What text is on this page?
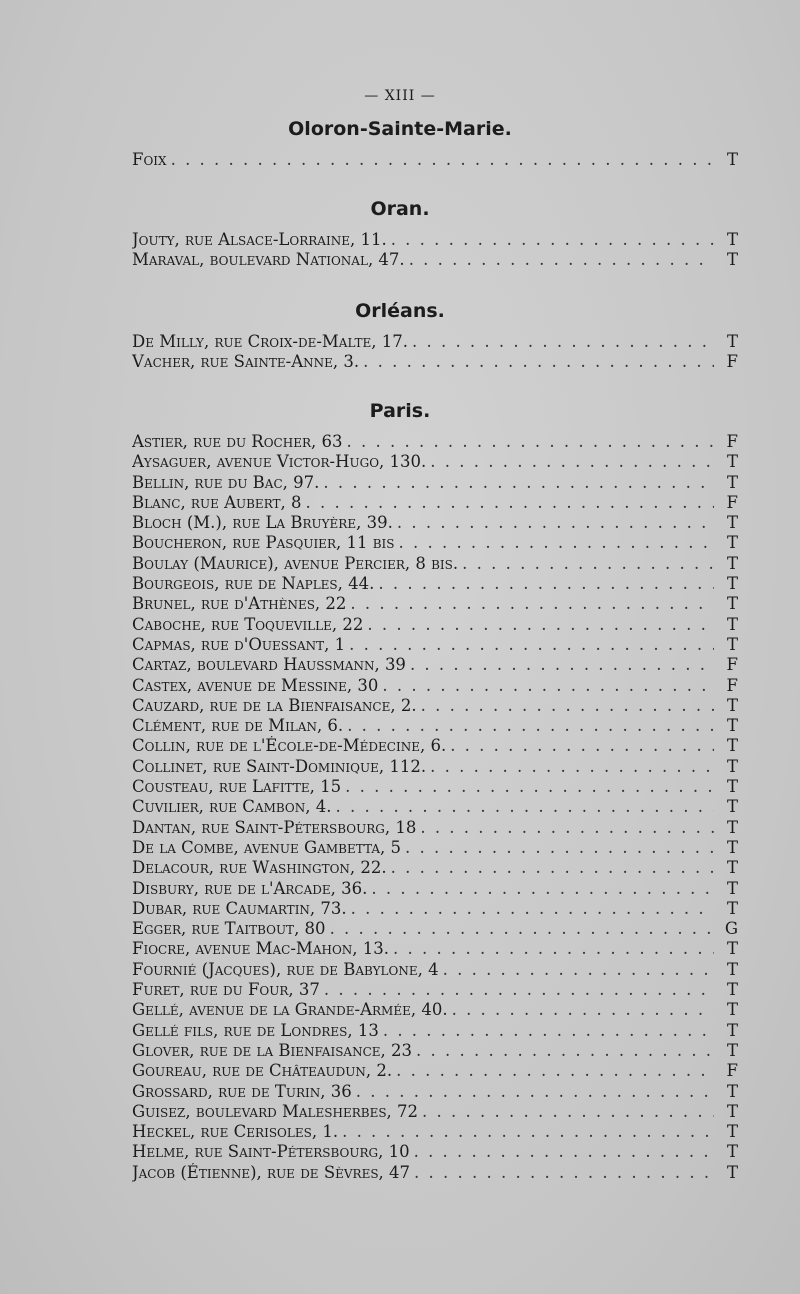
— XIII —
Oloron-Sainte-Marie.
Foix . . .	T
Oran.
Jouty, rue Alsace-Lorraine, 11. . . .	T
Maraval, boulevard National, 47. . . .	T
Orléans.
De Milly, rue Croix-de-Malte, 17. . . .	T
Vacher, rue Sainte-Anne, 3. . . .	F
Paris.
Astier, rue du Rocher, 63 . . .	F
Aysaguer, avenue Victor-Hugo, 130. . . .	T
Bellin, rue du Bac, 97. . . .	T
Blanc, rue Aubert, 8 . . .	F
Bloch (M.), rue La Bruyère, 39. . . .	T
Boucheron, rue Pasquier, 11 bis . . .	T
Boulay (Maurice), avenue Percier, 8 bis. . . .	T
Bourgeois, rue de Naples, 44. . . .	T
Brunel, rue d'Athènes, 22 . . .	T
Caboche, rue Toqueville, 22 . . .	T
Capmas, rue d'Ouessant, 1 . . .	T
Cartaz, boulevard Haussmann, 39 . . .	F
Castex, avenue de Messine, 30 . . .	F
Cauzard, rue de la Bienfaisance, 2. . . .	T
Clément, rue de Milan, 6. . . .	T
Collin, rue de l'École-de-Médecine, 6. . . .	T
Collinet, rue Saint-Dominique, 112. . . .	T
Cousteau, rue Lafitte, 15 . . .	T
Cuvilier, rue Cambon, 4. . . .	T
Dantan, rue Saint-Pétersbourg, 18 . . .	T
De la Combe, avenue Gambetta, 5 . . .	T
Delacour, rue Washington, 22. . . .	T
Disbury, rue de l'Arcade, 36. . . .	T
Dubar, rue Caumartin, 73. . . .	T
Egger, rue Taitbout, 80 . . .	G
Fiocre, avenue Mac-Mahon, 13. . . .	T
Fournié (Jacques), rue de Babylone, 4 . . .	T
Furet, rue du Four, 37 . . .	T
Gellé, avenue de la Grande-Armée, 40. . . .	T
Gellé fils, rue de Londres, 13 . . .	T
Glover, rue de la Bienfaisance, 23 . . .	T
Goureau, rue de Châteaudun, 2. . . .	F
Grossard, rue de Turin, 36 . . .	T
Guisez, boulevard Malesherbes, 72 . . .	T
Heckel, rue Cerisoles, 1. . . .	T
Helme, rue Saint-Pétersbourg, 10 . . .	T
Jacob (Étienne), rue de Sèvres, 47 . . .	T
